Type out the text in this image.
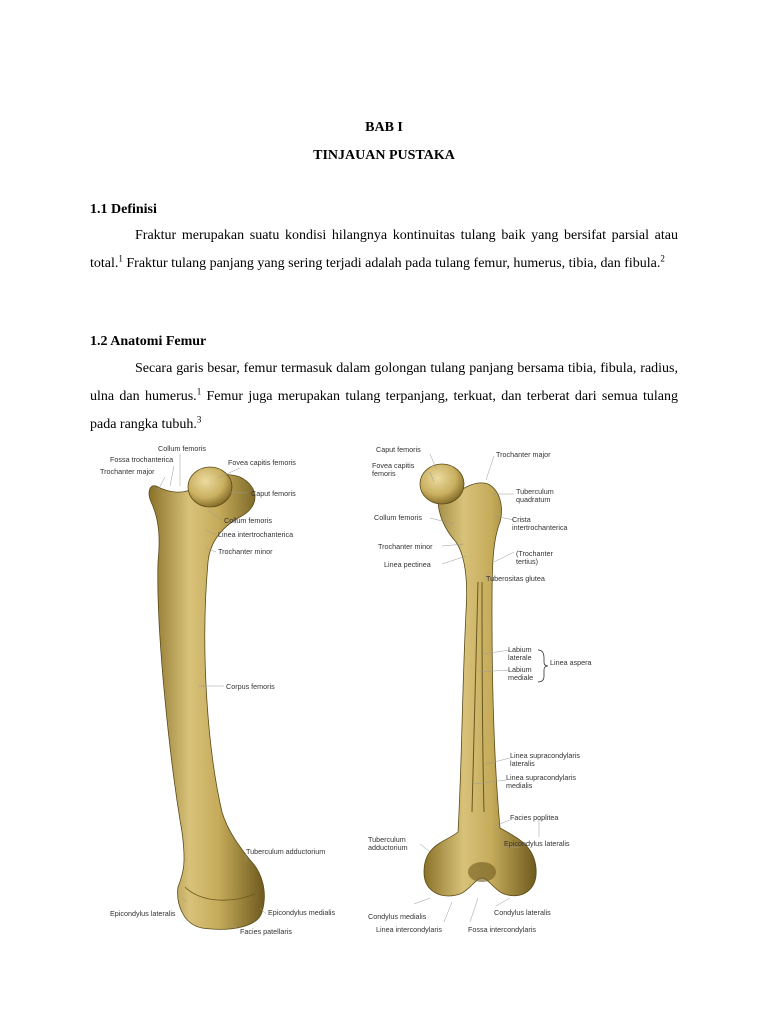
BAB I
TINJAUAN PUSTAKA
1.1 Definisi

Fraktur merupakan suatu kondisi hilangnya kontinuitas tulang baik yang bersifat parsial atau total.$^1$ Fraktur tulang panjang yang sering terjadi adalah pada tulang femur, humerus, tibia, dan fibula.$^2$

1.2 Anatomi Femur

Secara garis besar, femur termasuk dalam golongan tulang panjang bersama tibia, fibula, radius, ulna dan humerus.$^1$ Femur juga merupakan tulang terpanjang, terkuat, dan terberat dari semua tulang pada rangka tubuh.$^3$

Collum femoris
Fossa trochanterica
Trochanter major
Fovea capitis femoris
Caput femoris
Collum femoris
Linea intertrochanterica
Trochanter minor
Corpus femoris
Tuberculum adductorium
Epicondylus lateralis	Epicondylus medialis
Facies patellaris
Caput femoris
Fovea capitis
femoris
Trochanter major
Tuberculum
quadratum
Collum femoris	Crista
intertrochanterica
Trochanter minor
(Trochanter
tertius)
Linea pectinea
Tuberositas glutea
Labium
laterale
Labium
mediale
Linea aspera
Linea supracondylaris
lateralis
Linea supracondylaris
medialis
Facies poplitea
Tuberculum
adductorium	Epicondylus lateralis
Condylus medialis	Condylus lateralis
Linea intercondylaris	Fossa intercondylaris
